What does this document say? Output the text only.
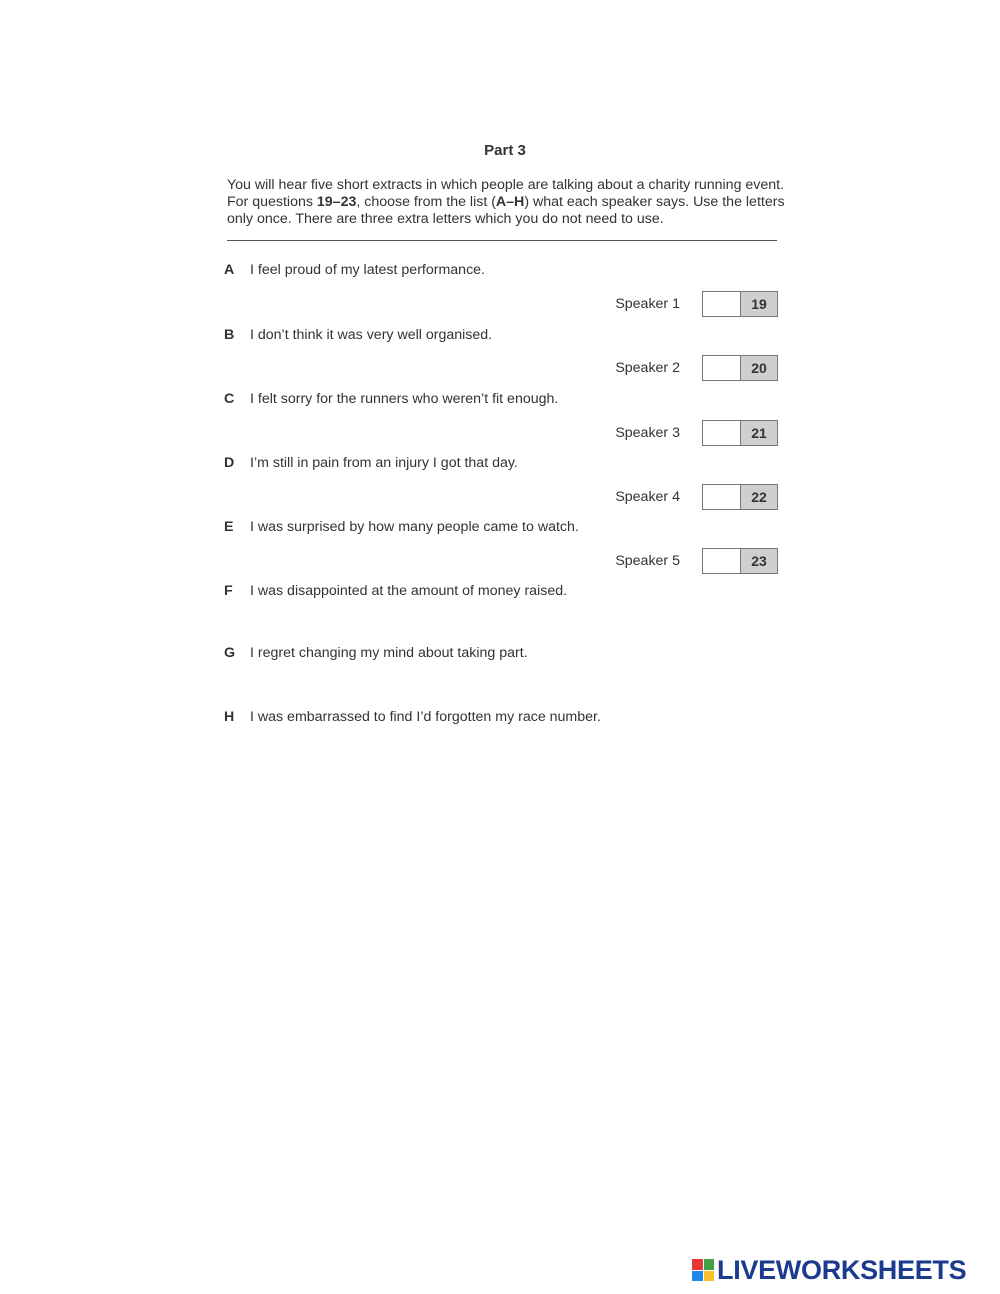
Part 3
You will hear five short extracts in which people are talking about a charity running event. For questions 19–23, choose from the list (A–H) what each speaker says. Use the letters only once. There are three extra letters which you do not need to use.
A I feel proud of my latest performance.
B I don’t think it was very well organised.
C I felt sorry for the runners who weren’t fit enough.
D I’m still in pain from an injury I got that day.
E I was surprised by how many people came to watch.
F I was disappointed at the amount of money raised.
G I regret changing my mind about taking part.
H I was embarrassed to find I’d forgotten my race number.
Speaker 1	19
Speaker 2	20
Speaker 3	21
Speaker 4	22
Speaker 5	23
LIVEWORKSHEETS
